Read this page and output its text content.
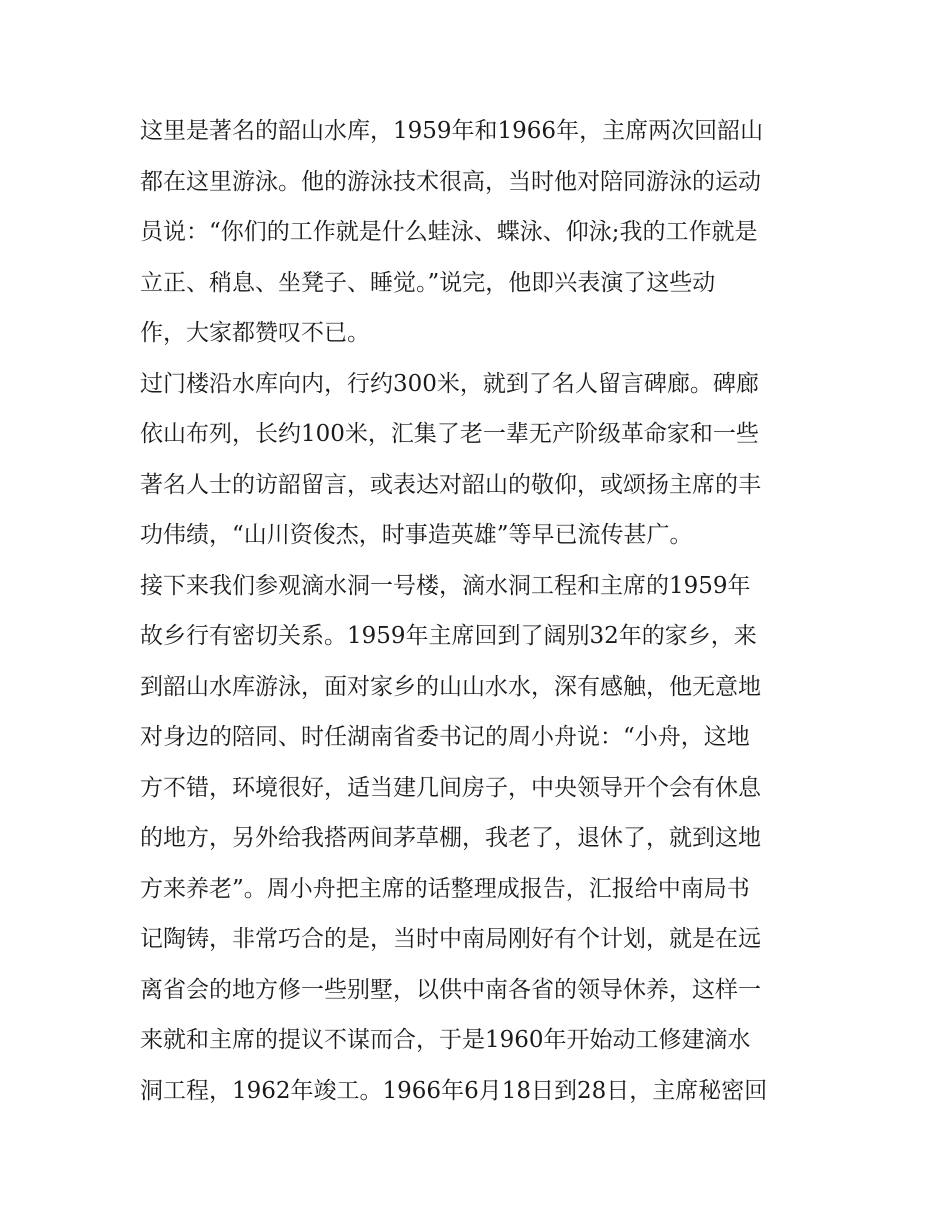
这里是著名的韶山水库，1959年和1966年，主席两次回韶山
都在这里游泳。他的游泳技术很高，当时他对陪同游泳的运动
员说：“你们的工作就是什么蛙泳、蝶泳、仰泳;我的工作就是
立正、稍息、坐凳子、睡觉。”说完，他即兴表演了这些动
作，大家都赞叹不已。
过门楼沿水库向内，行约300米，就到了名人留言碑廊。碑廊
依山布列，长约100米，汇集了老一辈无产阶级革命家和一些
著名人士的访韶留言，或表达对韶山的敬仰，或颂扬主席的丰
功伟绩，“山川资俊杰，时事造英雄”等早已流传甚广。
接下来我们参观滴水洞一号楼，滴水洞工程和主席的1959年
故乡行有密切关系。1959年主席回到了阔别32年的家乡，来
到韶山水库游泳，面对家乡的山山水水，深有感触，他无意地
对身边的陪同、时任湖南省委书记的周小舟说：“小舟，这地
方不错，环境很好，适当建几间房子，中央领导开个会有休息
的地方，另外给我搭两间茅草棚，我老了，退休了，就到这地
方来养老”。周小舟把主席的话整理成报告，汇报给中南局书
记陶铸，非常巧合的是，当时中南局刚好有个计划，就是在远
离省会的地方修一些别墅，以供中南各省的领导休养，这样一
来就和主席的提议不谋而合，于是1960年开始动工修建滴水
洞工程，1962年竣工。1966年6月18日到28日，主席秘密回
